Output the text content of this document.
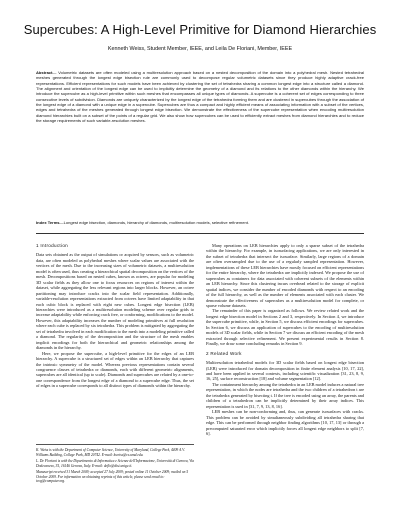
Supercubes: A High-Level Primitive for Diamond Hierarchies
Kenneth Weiss, Student Member, IEEE, and Leila De Floriani, Member, IEEE
Abstract— Volumetric datasets are often modeled using a multiresolution approach based on a nested decomposition of the domain into a polyhedral mesh. Nested tetrahedral meshes generated through the longest edge bisection rule are commonly used to decompose regular volumetric datasets since they produce highly adaptive crack-free representations. Efficient representations for such models have been achieved by clustering the set of tetrahedra sharing a common longest edge into a structure called a diamond. The alignment and orientation of the longest edge can be used to implicitly determine the geometry of a diamond and its relations to the other diamonds within the hierarchy. We introduce the supercube as a high-level primitive within such meshes that encompasses all unique types of diamonds. A supercube is a coherent set of edges corresponding to three consecutive levels of subdivision. Diamonds are uniquely characterized by the longest edge of the tetrahedra forming them and are clustered in supercubes through the association of the longest edge of a diamond with a unique edge in a supercube. Supercubes are thus a compact and highly efficient means of associating information with a subset of the vertices, edges and tetrahedra of the meshes generated through longest edge bisection. We demonstrate the effectiveness of the supercube representation when encoding multiresolution diamond hierarchies built on a subset of the points of a regular grid. We also show how supercubes can be used to efficiently extract meshes from diamond hierarchies and to reduce the storage requirements of such variable-resolution meshes.
Index Terms—Longest edge bisection, diamonds, hierarchy of diamonds, multiresolution models, selective refinement.
1 Introduction

Data sets obtained as the output of simulations or acquired by sensors, such as volumetric data, are often modeled as polyhedral meshes where scalar values are associated with the vertices of the mesh. Due to the increasing sizes of volumetric datasets, a multiresolution model is often used, thus creating a hierarchical spatial decomposition on the vertices of the mesh. Decompositions based on nested cubes, known as octrees, are popular for modeling 3D scalar fields as they allow one to focus resources on regions of interest within the dataset, while aggregating the less relevant regions into larger blocks. However, an octree partitioning may introduce cracks into the scalar field representation. Additionally, variable-resolution representations extracted from octrees have limited adaptability in that each cubic block is replaced with eight new cubes. Longest edge bisection (LEB) hierarchies were introduced as a multiresolution modeling scheme over regular grids to increase adaptability while enforcing crack free, or conforming, modifications to the model. However, this adaptability increases the number of modeling primitives at full resolution where each cube is replaced by six tetrahedra. This problem is mitigated by aggregating the set of tetrahedra involved in each modification to the mesh into a modeling primitive called a diamond. The regularity of the decomposition and the structure of the mesh enables implicit encodings for both the hierarchical and geometric relationships among the diamonds in the hierarchy.

Here, we propose the supercube, a high-level primitive for the edges of an LEB hierarchy. A supercube is a structured set of edges within an LEB hierarchy that captures the intrinsic symmetry of the model. Whereas previous representations contain several congruence classes of tetrahedra or diamonds, each with different geometric alignments, supercubes are all identical (up to scale). Diamonds and supercubes are related by a one-to-one correspondence from the longest edge of a diamond to a supercube edge. Thus, the set of edges in a supercube corresponds to all distinct types of diamonds within the hierarchy.

K. Weiss is with the Department of Computer Science, University of Maryland, College Park, 4409 A.V. Williams Building, College Park, MD 20742. E-mail: kweiss@cs.umd.edu.

L. De Floriani is with the Dipartimento di Informatica e Scienze dell'Informazione, Università di Genova, Via Dodecaneso, 35, 16146 Genova, Italy. E-mail: deflo@disi.unige.it.

Manuscript received 31 March 2009; accepted 27 July 2009; posted online 11 October 2009; mailed on 5 October 2009. For information on obtaining reprints of this article, please send email to: tvcg@computer.org.

Many operations on LEB hierarchies apply to only a sparse subset of the tetrahedra within the hierarchy. For example, in isosurfacing applications, we are only interested in the subset of tetrahedra that intersect the isosurface. Similarly, large regions of a domain are often oversampled due to the use of a regularly sampled representation. However, implementations of these LEB hierarchies have mostly focused on efficient representations for the entire hierarchy, where the tetrahedra are implicitly indexed. We propose the use of supercubes as containers for data associated with coherent subsets of the elements within an LEB hierarchy. Since this clustering incurs overhead related to the storage of explicit spatial indices, we consider the number of encoded diamonds with respect to an encoding of the full hierarchy, as well as the number of elements associated with each cluster. We demonstrate the effectiveness of supercubes as a multiresolution model for complete, or sparse volume datasets.

The remainder of this paper is organized as follows. We review related work and the longest edge bisection model in Sections 2 and 3, respectively. In Section 4, we introduce the supercube primitive, while, in Section 5, we discuss efficient encodings for supercubes. In Section 6, we discuss an application of supercubes to the encoding of multiresolution models of 3D scalar fields, while in Section 7 we discuss an efficient encoding of the mesh extracted through selective refinement. We present experimental results in Section 8. Finally, we draw some concluding remarks in Section 9.

2 Related Work

Multiresolution tetrahedral models for 3D scalar fields based on longest edge bisection (LEB) were introduced for domain decomposition in finite element analysis [10, 17, 22], and have been applied in several contexts, including scientific visualization [31, 23, 8, 9, 16, 25], surface reconstruction [18] and volume segmentation [12].

The containment hierarchy among the tetrahedra in an LEB model induces a natural tree representation, in which the nodes are tetrahedra and the two children of a tetrahedron t are the tetrahedra generated by bisecting t. If the tree is encoded using an array, the parents and children of a tetrahedron can be implicitly determined by their array indices. This representation is used in [31, 7, 9, 13, 8, 16].

LEB meshes can be non-conforming and, thus, can generate isosurfaces with cracks. This problem can be avoided by simultaneously subdividing all tetrahedra sharing that edge. This can be performed through neighbor finding algorithms [10, 17, 13] or through a precomputed saturated error which implicitly forces all longest edge neighbors to split [7, 6].
